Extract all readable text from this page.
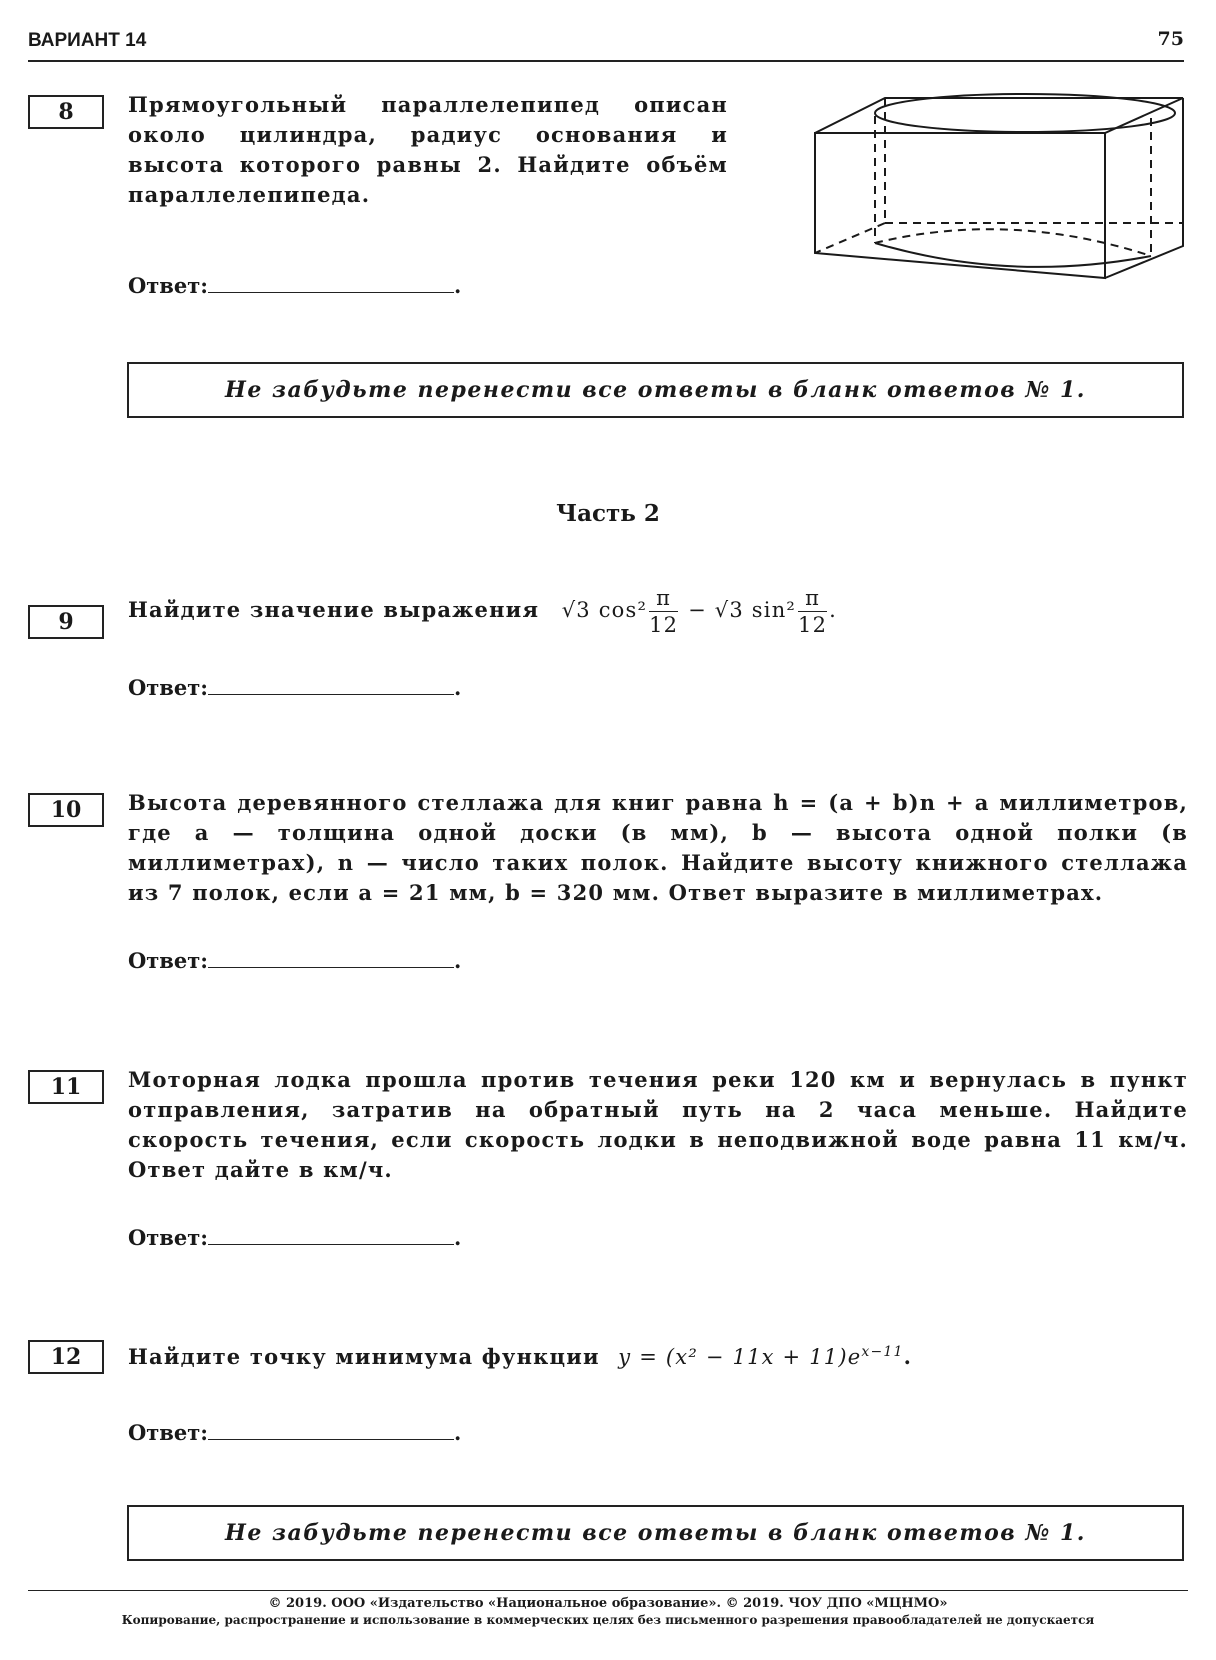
ВАРИАНТ 14	75
8	Прямоугольный параллелепипед описан около цилиндра, радиус основания и высота которого равны 2. Найдите объём параллелепипеда.
Ответ:	.
Не забудьте перенести все ответы в бланк ответов № 1.
Часть 2
9	Найдите значение выражения √3 $\cos^2 \frac{\pi}{12} - √3$ $\sin^2 \frac{\pi}{12}$ .
Ответ:	.
10	Высота деревянного стеллажа для книг равна h = (a + b)n + a миллиметров, где a — толщина одной доски (в мм), b — высота одной полки (в миллиметрах), n — число таких полок. Найдите высоту книжного стеллажа из 7 полок, если a = 21 мм, b = 320 мм. Ответ выразите в миллиметрах.
Ответ:	.
11	Моторная лодка прошла против течения реки 120 км и вернулась в пункт отправления, затратив на обратный путь на 2 часа меньше. Найдите скорость течения, если скорость лодки в неподвижной воде равна 11 км/ч. Ответ дайте в км/ч.
Ответ:	.
12	Найдите точку минимума функции $y = (x^2 - 11x + 11)e^{x-11}$.
Ответ:	.
Не забудьте перенести все ответы в бланк ответов № 1.
© 2019. ООО «Издательство «Национальное образование». © 2019. ЧОУ ДПО «МЦНМО»
Копирование, распространение и использование в коммерческих целях без письменного разрешения правообладателей не допускается
